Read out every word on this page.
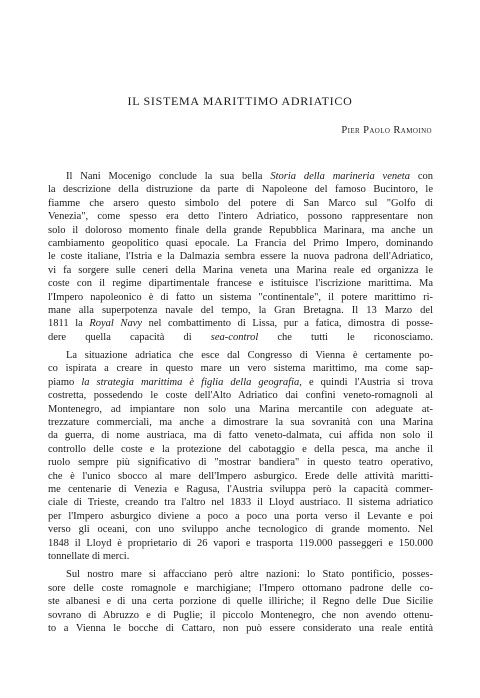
IL SISTEMA MARITTIMO ADRIATICO

Pier Paolo Ramoino

Il Nani Mocenigo conclude la sua bella Storia della marineria veneta con
la descrizione della distruzione da parte di Napoleone del famoso Bucintoro, le
fiamme che arsero questo simbolo del potere di San Marco sul "Golfo di
Venezia", come spesso era detto l'intero Adriatico, possono rappresentare non
solo il doloroso momento finale della grande Repubblica Marinara, ma anche un
cambiamento geopolitico quasi epocale. La Francia del Primo Impero, dominando
le coste italiane, l'Istria e la Dalmazia sembra essere la nuova padrona dell'Adriatico,
vi fa sorgere sulle ceneri della Marina veneta una Marina reale ed organizza le
coste con il regime dipartimentale francese e istituisce l'iscrizione marittima. Ma
l'Impero napoleonico è di fatto un sistema "continentale", il potere marittimo ri-
mane alla superpotenza navale del tempo, la Gran Bretagna. Il 13 Marzo del
1811 la Royal Navy nel combattimento di Lissa, pur a fatica, dimostra di posse-
dere quella capacità di sea-control che tutti le riconosciamo.

La situazione adriatica che esce dal Congresso di Vienna è certamente po-
co ispirata a creare in questo mare un vero sistema marittimo, ma come sap-
piamo la strategia marittima è figlia della geografia, e quindi l'Austria si trova
costretta, possedendo le coste dell'Alto Adriatico dai confini veneto-romagnoli al
Montenegro, ad impiantare non solo una Marina mercantile con adeguate at-
trezzature commerciali, ma anche a dimostrare la sua sovranità con una Marina
da guerra, di nome austriaca, ma di fatto veneto-dalmata, cui affida non solo il
controllo delle coste e la protezione del cabotaggio e della pesca, ma anche il
ruolo sempre più significativo di "mostrar bandiera" in questo teatro operativo,
che è l'unico sbocco al mare dell'Impero asburgico. Erede delle attività maritti-
me centenarie di Venezia e Ragusa, l'Austria sviluppa però la capacità commer-
ciale di Trieste, creando tra l'altro nel 1833 il Lloyd austriaco. Il sistema adriatico
per l'Impero asburgico diviene a poco a poco una porta verso il Levante e poi
verso gli oceani, con uno sviluppo anche tecnologico di grande momento. Nel
1848 il Lloyd è proprietario di 26 vapori e trasporta 119.000 passeggeri e 150.000
tonnellate di merci.

Sul nostro mare si affacciano però altre nazioni: lo Stato pontificio, posses-
sore delle coste romagnole e marchigiane; l'Impero ottomano padrone delle co-
ste albanesi e di una certa porzione di quelle illiriche; il Regno delle Due Sicilie
sovrano di Abruzzo e di Puglie; il piccolo Montenegro, che non avendo ottenu-
to a Vienna le bocche di Cattaro, non può essere considerato una reale entità
